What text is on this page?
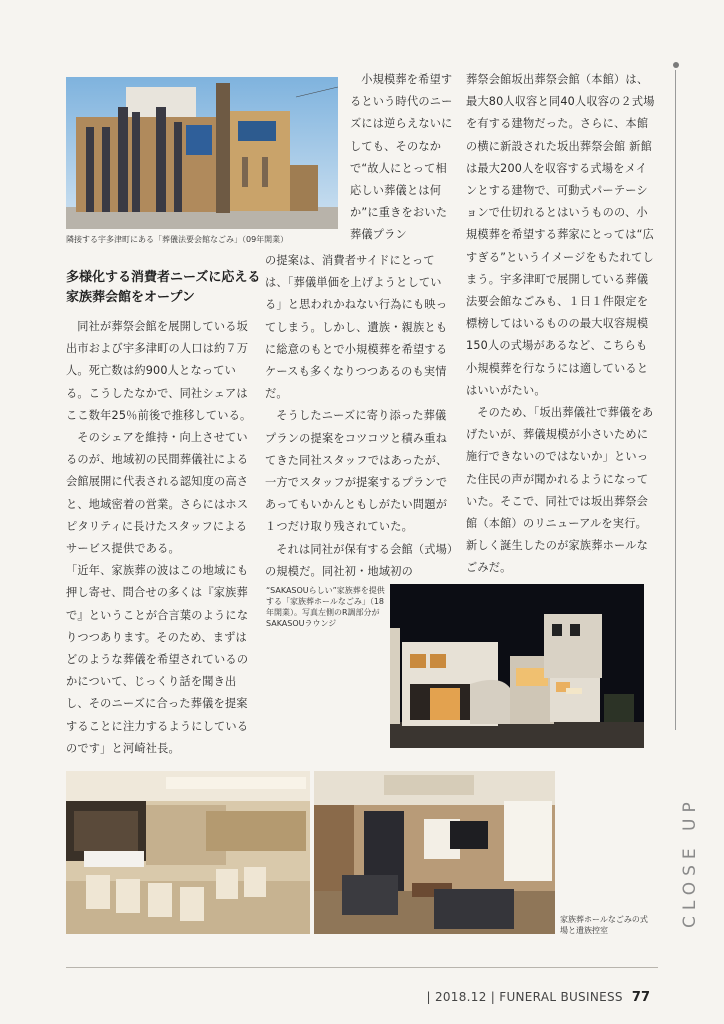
隣接する宇多津町にある「葬儀法要会館なごみ」（09年開業）

小規模葬を希望するという時代のニーズには逆らえないにしても、そのなかで“故人にとって相応しい葬儀とは何か”に重きをおいた葬儀プラン

多様化する消費者ニーズに応える
家族葬会館をオープン

同社が葬祭会館を展開している坂出市および宇多津町の人口は約７万人。死亡数は約900人となっている。こうしたなかで、同社シェアはここ数年25％前後で推移している。

そのシェアを維持・向上させているのが、地域初の民間葬儀社による会館展開に代表される認知度の高さと、地域密着の営業。さらにはホスピタリティに長けたスタッフによるサービス提供である。

「近年、家族葬の波はこの地域にも押し寄せ、問合せの多くは『家族葬で』ということが合言葉のようになりつつあります。そのため、まずはどのような葬儀を希望されているのかについて、じっくり話を聞き出し、そのニーズに合った葬儀を提案することに注力するようにしているのです」と河崎社長。

の提案は、消費者サイドにとっては、「葬儀単価を上げようとしている」と思われかねない行為にも映ってしまう。しかし、遺族・親族ともに総意のもとで小規模葬を希望するケースも多くなりつつあるのも実情だ。

そうしたニーズに寄り添った葬儀プランの提案をコツコツと積み重ねてきた同社スタッフではあったが、一方でスタッフが提案するプランであってもいかんともしがたい問題が１つだけ取り残されていた。

それは同社が保有する会館（式場）の規模だ。同社初・地域初の

葬祭会館坂出葬祭会館（本館）は、最大80人収容と同40人収容の２式場を有する建物だった。さらに、本館の横に新設された坂出葬祭会館 新館は最大200人を収容する式場をメインとする建物で、可動式パーテーションで仕切れるとはいうものの、小規模葬を希望する葬家にとっては“広すぎる”というイメージをもたれてしまう。宇多津町で展開している葬儀法要会館なごみも、１日１件限定を標榜してはいるものの最大収容規模150人の式場があるなど、こちらも小規模葬を行なうには適しているとはいいがたい。

そのため、「坂出葬儀社で葬儀をあげたいが、葬儀規模が小さいために施行できないのではないか」といった住民の声が聞かれるようになっていた。そこで、同社では坂出葬祭会館（本館）のリニューアルを実行。新しく誕生したのが家族葬ホールなごみだ。

“SAKASOUらしい”家族葬を提供する「家族葬ホールなごみ」（18年開業）。写真左側のR調部分がSAKASOUラウンジ
家族葬ホールなごみの式場と遺族控室
CLOSE UP
| 2018.12 | FUNERAL BUSINESS 77
